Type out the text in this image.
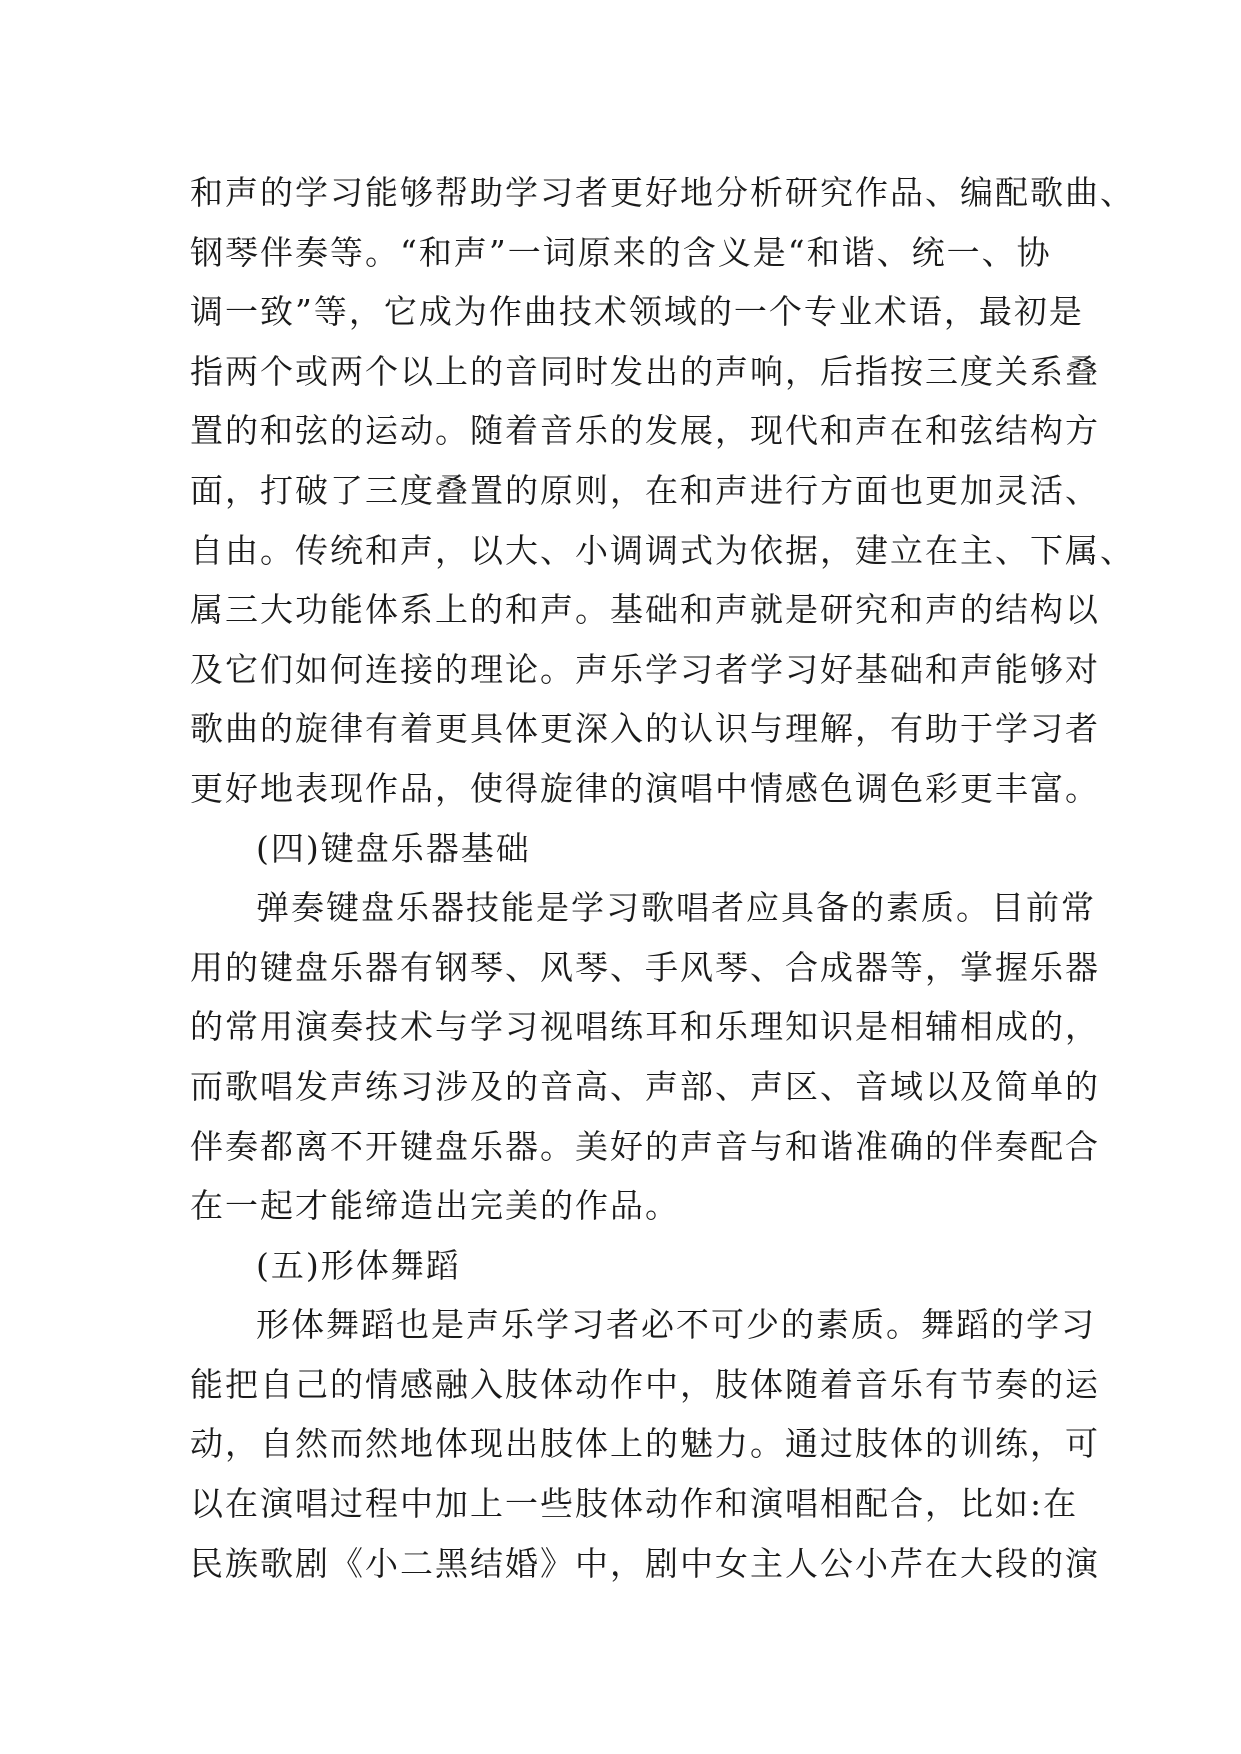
和声的学习能够帮助学习者更好地分析研究作品、编配歌曲、
钢琴伴奏等。“和声”一词原来的含义是“和谐、统一、协
调一致”等，它成为作曲技术领域的一个专业术语，最初是
指两个或两个以上的音同时发出的声响，后指按三度关系叠
置的和弦的运动。随着音乐的发展，现代和声在和弦结构方
面，打破了三度叠置的原则，在和声进行方面也更加灵活、
自由。传统和声，以大、小调调式为依据，建立在主、下属、
属三大功能体系上的和声。基础和声就是研究和声的结构以
及它们如何连接的理论。声乐学习者学习好基础和声能够对
歌曲的旋律有着更具体更深入的认识与理解，有助于学习者
更好地表现作品，使得旋律的演唱中情感色调色彩更丰富。
(四)键盘乐器基础
弹奏键盘乐器技能是学习歌唱者应具备的素质。目前常
用的键盘乐器有钢琴、风琴、手风琴、合成器等，掌握乐器
的常用演奏技术与学习视唱练耳和乐理知识是相辅相成的，
而歌唱发声练习涉及的音高、声部、声区、音域以及简单的
伴奏都离不开键盘乐器。美好的声音与和谐准确的伴奏配合
在一起才能缔造出完美的作品。
(五)形体舞蹈
形体舞蹈也是声乐学习者必不可少的素质。舞蹈的学习
能把自己的情感融入肢体动作中，肢体随着音乐有节奏的运
动，自然而然地体现出肢体上的魅力。通过肢体的训练，可
以在演唱过程中加上一些肢体动作和演唱相配合，比如:在
民族歌剧《小二黑结婚》中，剧中女主人公小芹在大段的演
